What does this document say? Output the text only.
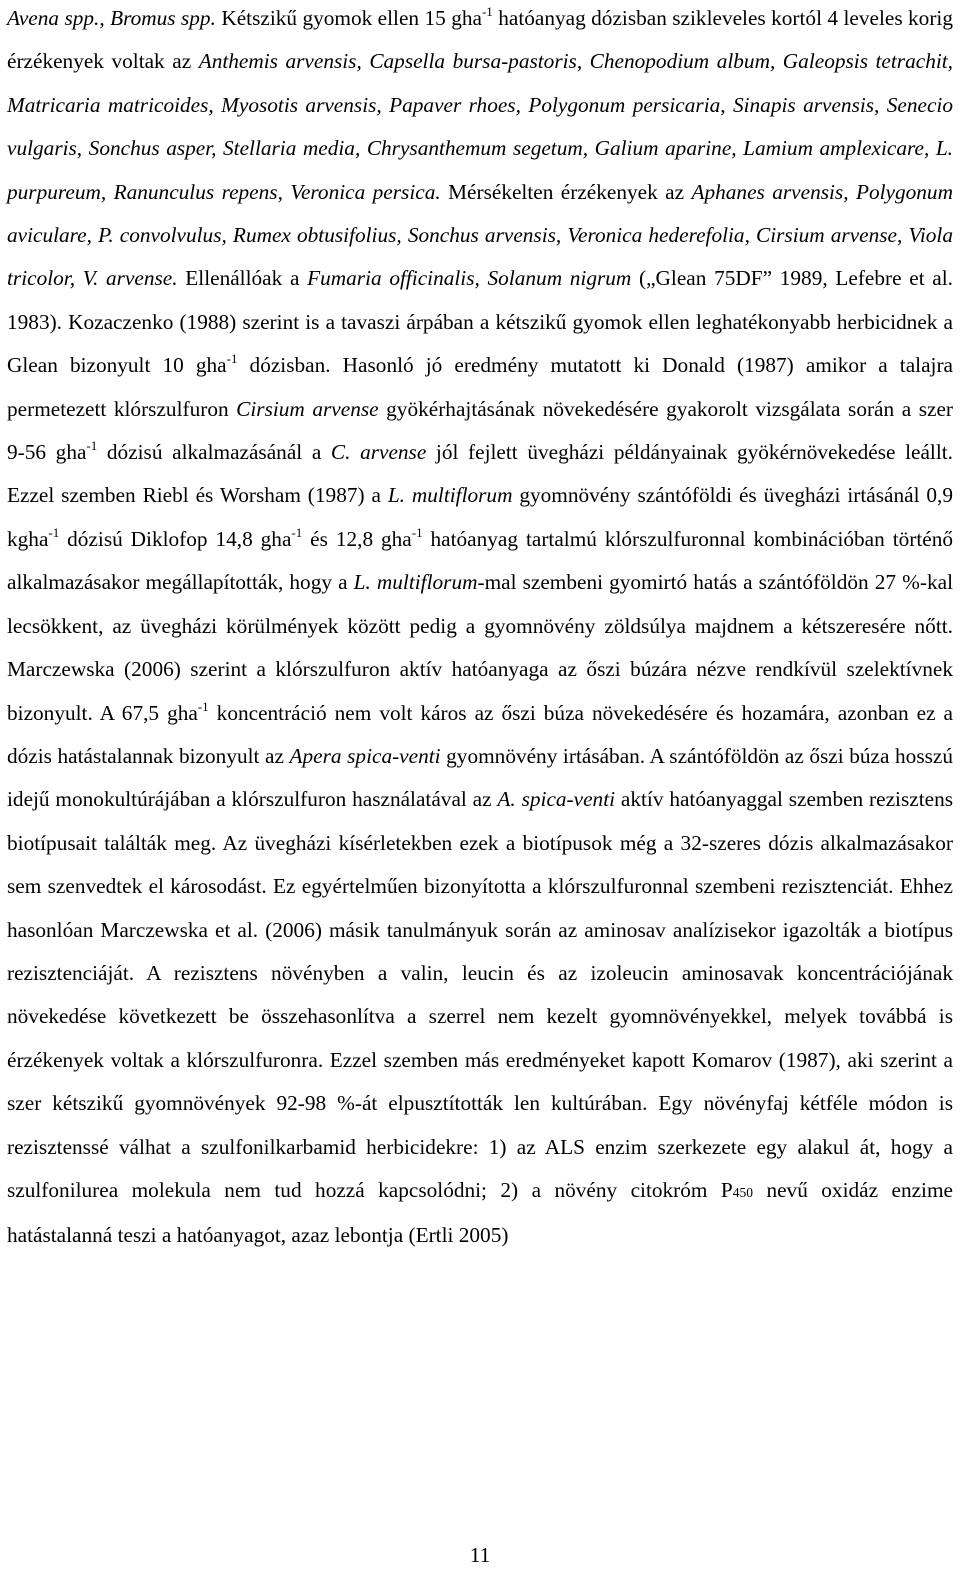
Avena spp., Bromus spp. Kétszikű gyomok ellen 15 gha$^{-1}$ hatóanyag dózisban szikleveles kortól 4 leveles korig érzékenyek voltak az Anthemis arvensis, Capsella bursa-pastoris, Chenopodium album, Galeopsis tetrachit, Matricaria matricoides, Myosotis arvensis, Papaver rhoes, Polygonum persicaria, Sinapis arvensis, Senecio vulgaris, Sonchus asper, Stellaria media, Chrysanthemum segetum, Galium aparine, Lamium amplexicare, L. purpureum, Ranunculus repens, Veronica persica. Mérsékelten érzékenyek az Aphanes arvensis, Polygonum aviculare, P. convolvulus, Rumex obtusifolius, Sonchus arvensis, Veronica hederefolia, Cirsium arvense, Viola tricolor, V. arvense. Ellenállóak a Fumaria officinalis, Solanum nigrum („Glean 75DF” 1989, Lefebre et al. 1983). Kozaczenko (1988) szerint is a tavaszi árpában a kétszikű gyomok ellen leghatékonyabb herbicidnek a Glean bizonyult 10 gha$^{-1}$ dózisban. Hasonló jó eredmény mutatott ki Donald (1987) amikor a talajra permetezett klórszulfuron Cirsium arvense gyökérhajtásának növekedésére gyakorolt vizsgálata során a szer 9-56 gha$^{-1}$ dózisú alkalmazásánál a C. arvense jól fejlett üvegházi példányainak gyökérnövekedése leállt. Ezzel szemben Riebl és Worsham (1987) a L. multiflorum gyomnövény szántóföldi és üvegházi irtásánál 0,9 kgha$^{-1}$ dózisú Diklofop 14,8 gha$^{-1}$ és 12,8 gha$^{-1}$ hatóanyag tartalmú klórszulfuronnal kombinációban történő alkalmazásakor megállapították, hogy a L. multiflorum-mal szembeni gyomirtó hatás a szántóföldön 27 %-kal lecsökkent, az üvegházi körülmények között pedig a gyomnövény zöldsúlya majdnem a kétszeresére nőtt. Marczewska (2006) szerint a klórszulfuron aktív hatóanyaga az őszi búzára nézve rendkívül szelektívnek bizonyult. A 67,5 gha$^{-1}$ koncentráció nem volt káros az őszi búza növekedésére és hozamára, azonban ez a dózis hatástalannak bizonyult az Apera spica-venti gyomnövény irtásában. A szántóföldön az őszi búza hosszú idejű monokultúrájában a klórszulfuron használatával az A. spica-venti aktív hatóanyaggal szemben rezisztens biotípusait találták meg. Az üvegházi kísérletekben ezek a biotípusok még a 32-szeres dózis alkalmazásakor sem szenvedtek el károsodást. Ez egyértelműen bizonyította a klórszulfuronnal szembeni rezisztenciát. Ehhez hasonlóan Marczewska et al. (2006) másik tanulmányuk során az aminosav analízisekor igazolták a biotípus rezisztenciáját. A rezisztens növényben a valin, leucin és az izoleucin aminosavak koncentrációjának növekedése következett be összehasonlítva a szerrel nem kezelt gyomnövényekkel, melyek továbbá is érzékenyek voltak a klórszulfuronra. Ezzel szemben más eredményeket kapott Komarov (1987), aki szerint a szer kétszikű gyomnövények 92-98 %-át elpusztították len kultúrában. Egy növényfaj kétféle módon is rezisztenssé válhat a szulfonilkarbamid herbicidekre: 1) az ALS enzim szerkezete egy alakul át, hogy a szulfonilurea molekula nem tud hozzá kapcsolódni; 2) a növény citokróm P450 nevű oxidáz enzime hatástalanná teszi a hatóanyagot, azaz lebontja (Ertli 2005)

11
